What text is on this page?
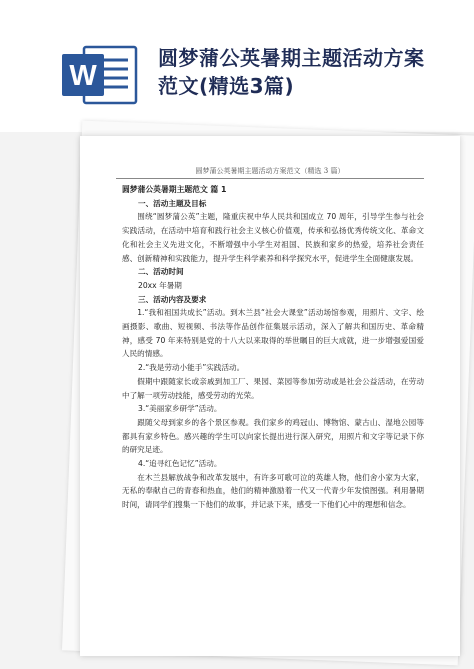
W
圆梦蒲公英暑期主题活动方案
范文(精选3篇)
圆梦蒲公英暑期主题活动方案范文（精选 3 篇）

圆梦蒲公英暑期主题范文 篇 1

一、活动主题及目标

围绕“圆梦蒲公英”主题，隆重庆祝中华人民共和国成立 70 周年，引导学生参与社会实践活动，在活动中培育和践行社会主义核心价值观，传承和弘扬优秀传统文化、革命文化和社会主义先进文化，不断增强中小学生对祖国、民族和家乡的热爱，培养社会责任感、创新精神和实践能力，提升学生科学素养和科学探究水平，促进学生全面健康发展。

二、活动时间

20xx 年暑期

三、活动内容及要求

1.“我和祖国共成长”活动。到木兰县“社会大课堂”活动场馆参观，用照片、文字、绘画摄影、歌曲、短视频、书法等作品创作征集展示活动，深入了解共和国历史、革命精神，感受 70 年来特别是党的十八大以来取得的举世瞩目的巨大成就，进一步增强爱国爱人民的情感。

2.“我是劳动小能手”实践活动。

假期中跟随家长或亲戚到加工厂、果园、菜园等参加劳动或是社会公益活动，在劳动中了解一项劳动技能，感受劳动的光荣。

3.“美丽家乡研学”活动。

跟随父母到家乡的各个景区参观。我们家乡的鸡冠山、博物馆、蒙古山、湿地公园等都具有家乡特色。感兴趣的学生可以向家长提出进行深入研究，用照片和文字等记录下你的研究足迹。

4.“追寻红色记忆”活动。

在木兰县解放战争和改革发展中，有许多可歌可泣的英雄人物，他们舍小家为大家，无私的奉献自己的青春和热血，他们的精神激励着一代又一代青少年发愤图强。利用暑期时间，请同学们搜集一下他们的故事，并记录下来，感受一下他们心中的理想和信念。
